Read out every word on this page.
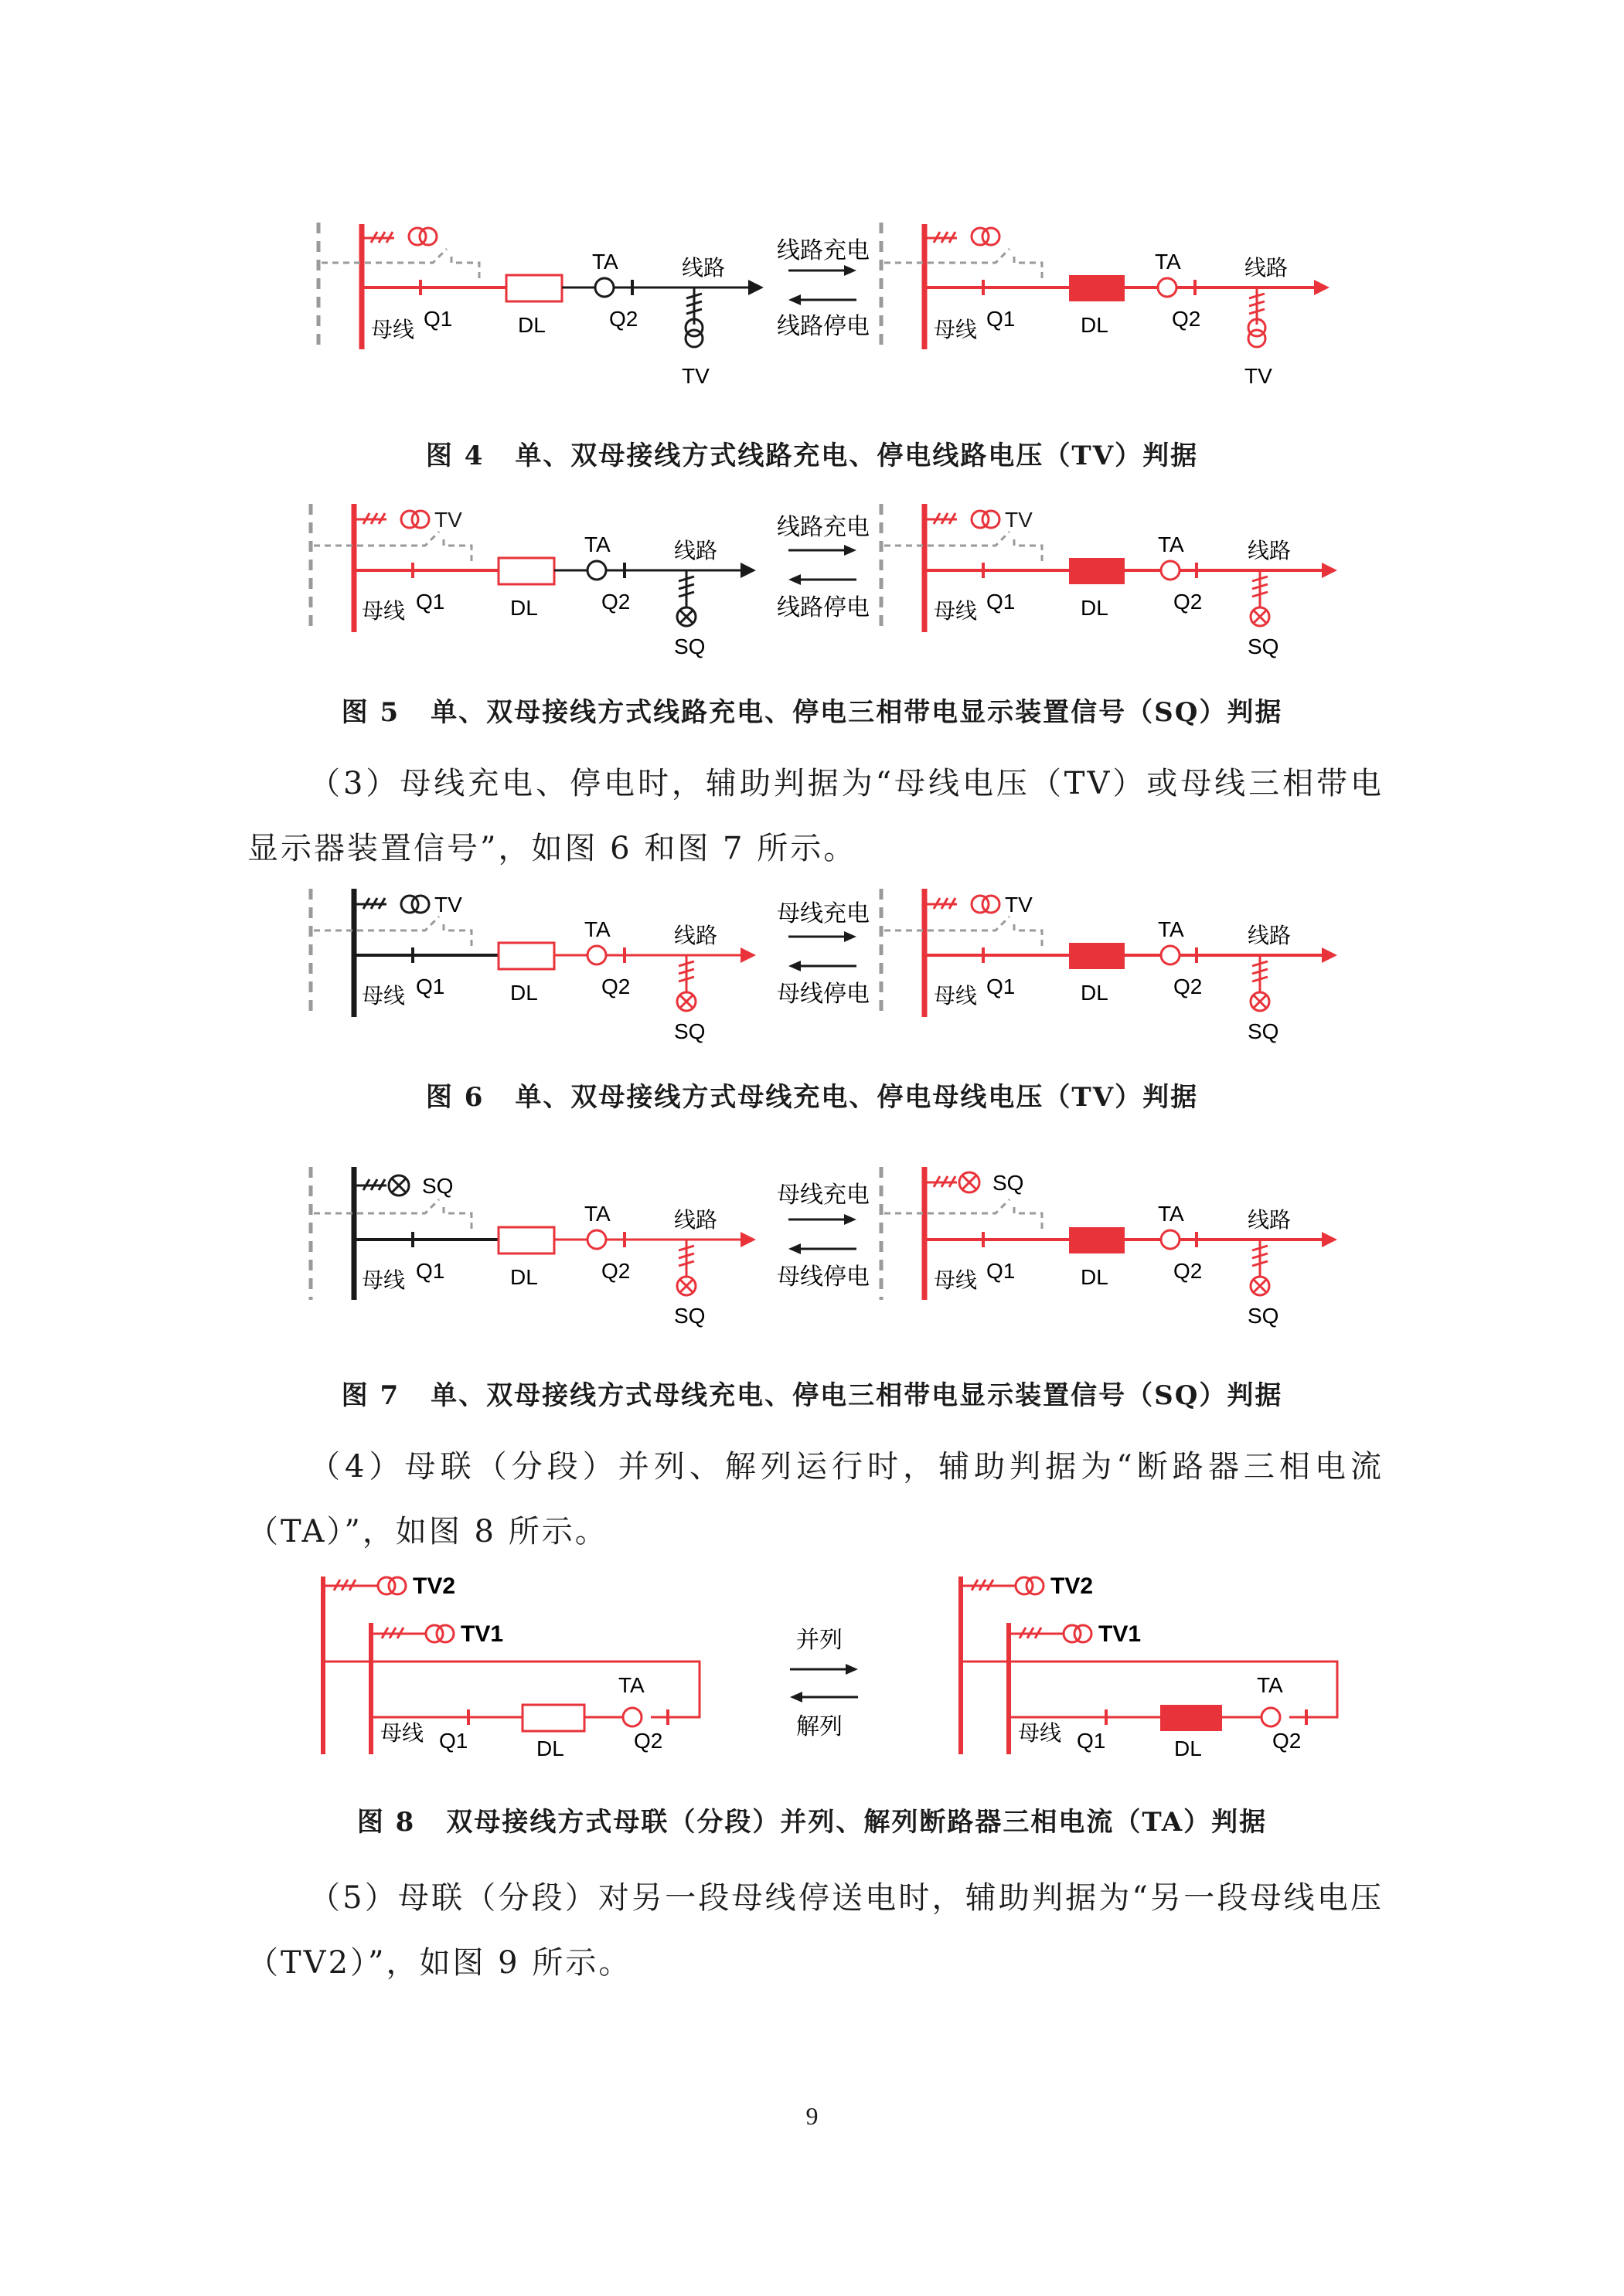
母线 Q1	DL
TA
Q2
线路
TV
线路充电
线路停电	母线 Q1	DL
TA
Q2
线路
TV
图 4 单、双母接线方式线路充电、停电线路电压（TV）判据
TV
母线 Q1	DL
TA
Q2
线路
SQ
线路充电
线路停电
TV
母线 Q1	DL
TA
Q2
线路
SQ
图 5 单、双母接线方式线路充电、停电三相带电显示装置信号（SQ）判据
（3）母线充电、停电时，辅助判据为“母线电压（TV）或母线三相带电显示器装置信号”，如图 6 和图 7 所示。
TV
母线 Q1	DL
TA
Q2
线路
SQ
母线充电
母线停电
TV
母线 Q1	DL
TA
Q2
线路
SQ
图 6 单、双母接线方式母线充电、停电母线电压（TV）判据
SQ
母线 Q1	DL
TA
Q2
线路
SQ
母线充电
母线停电
SQ
母线 Q1	DL
TA
Q2
线路
SQ
图 7 单、双母接线方式母线充电、停电三相带电显示装置信号（SQ）判据
（4）母联（分段）并列、解列运行时，辅助判据为“断路器三相电流（TA）”，如图 8 所示。
TV2
TV1
母线 Q1	DL
TA
Q2
并列
解列
TV2
TV1
母线 Q1	DL
TA
Q2
图 8 双母接线方式母联（分段）并列、解列断路器三相电流（TA）判据
（5）母联（分段）对另一段母线停送电时，辅助判据为“另一段母线电压（TV2）”，如图 9 所示。
9
